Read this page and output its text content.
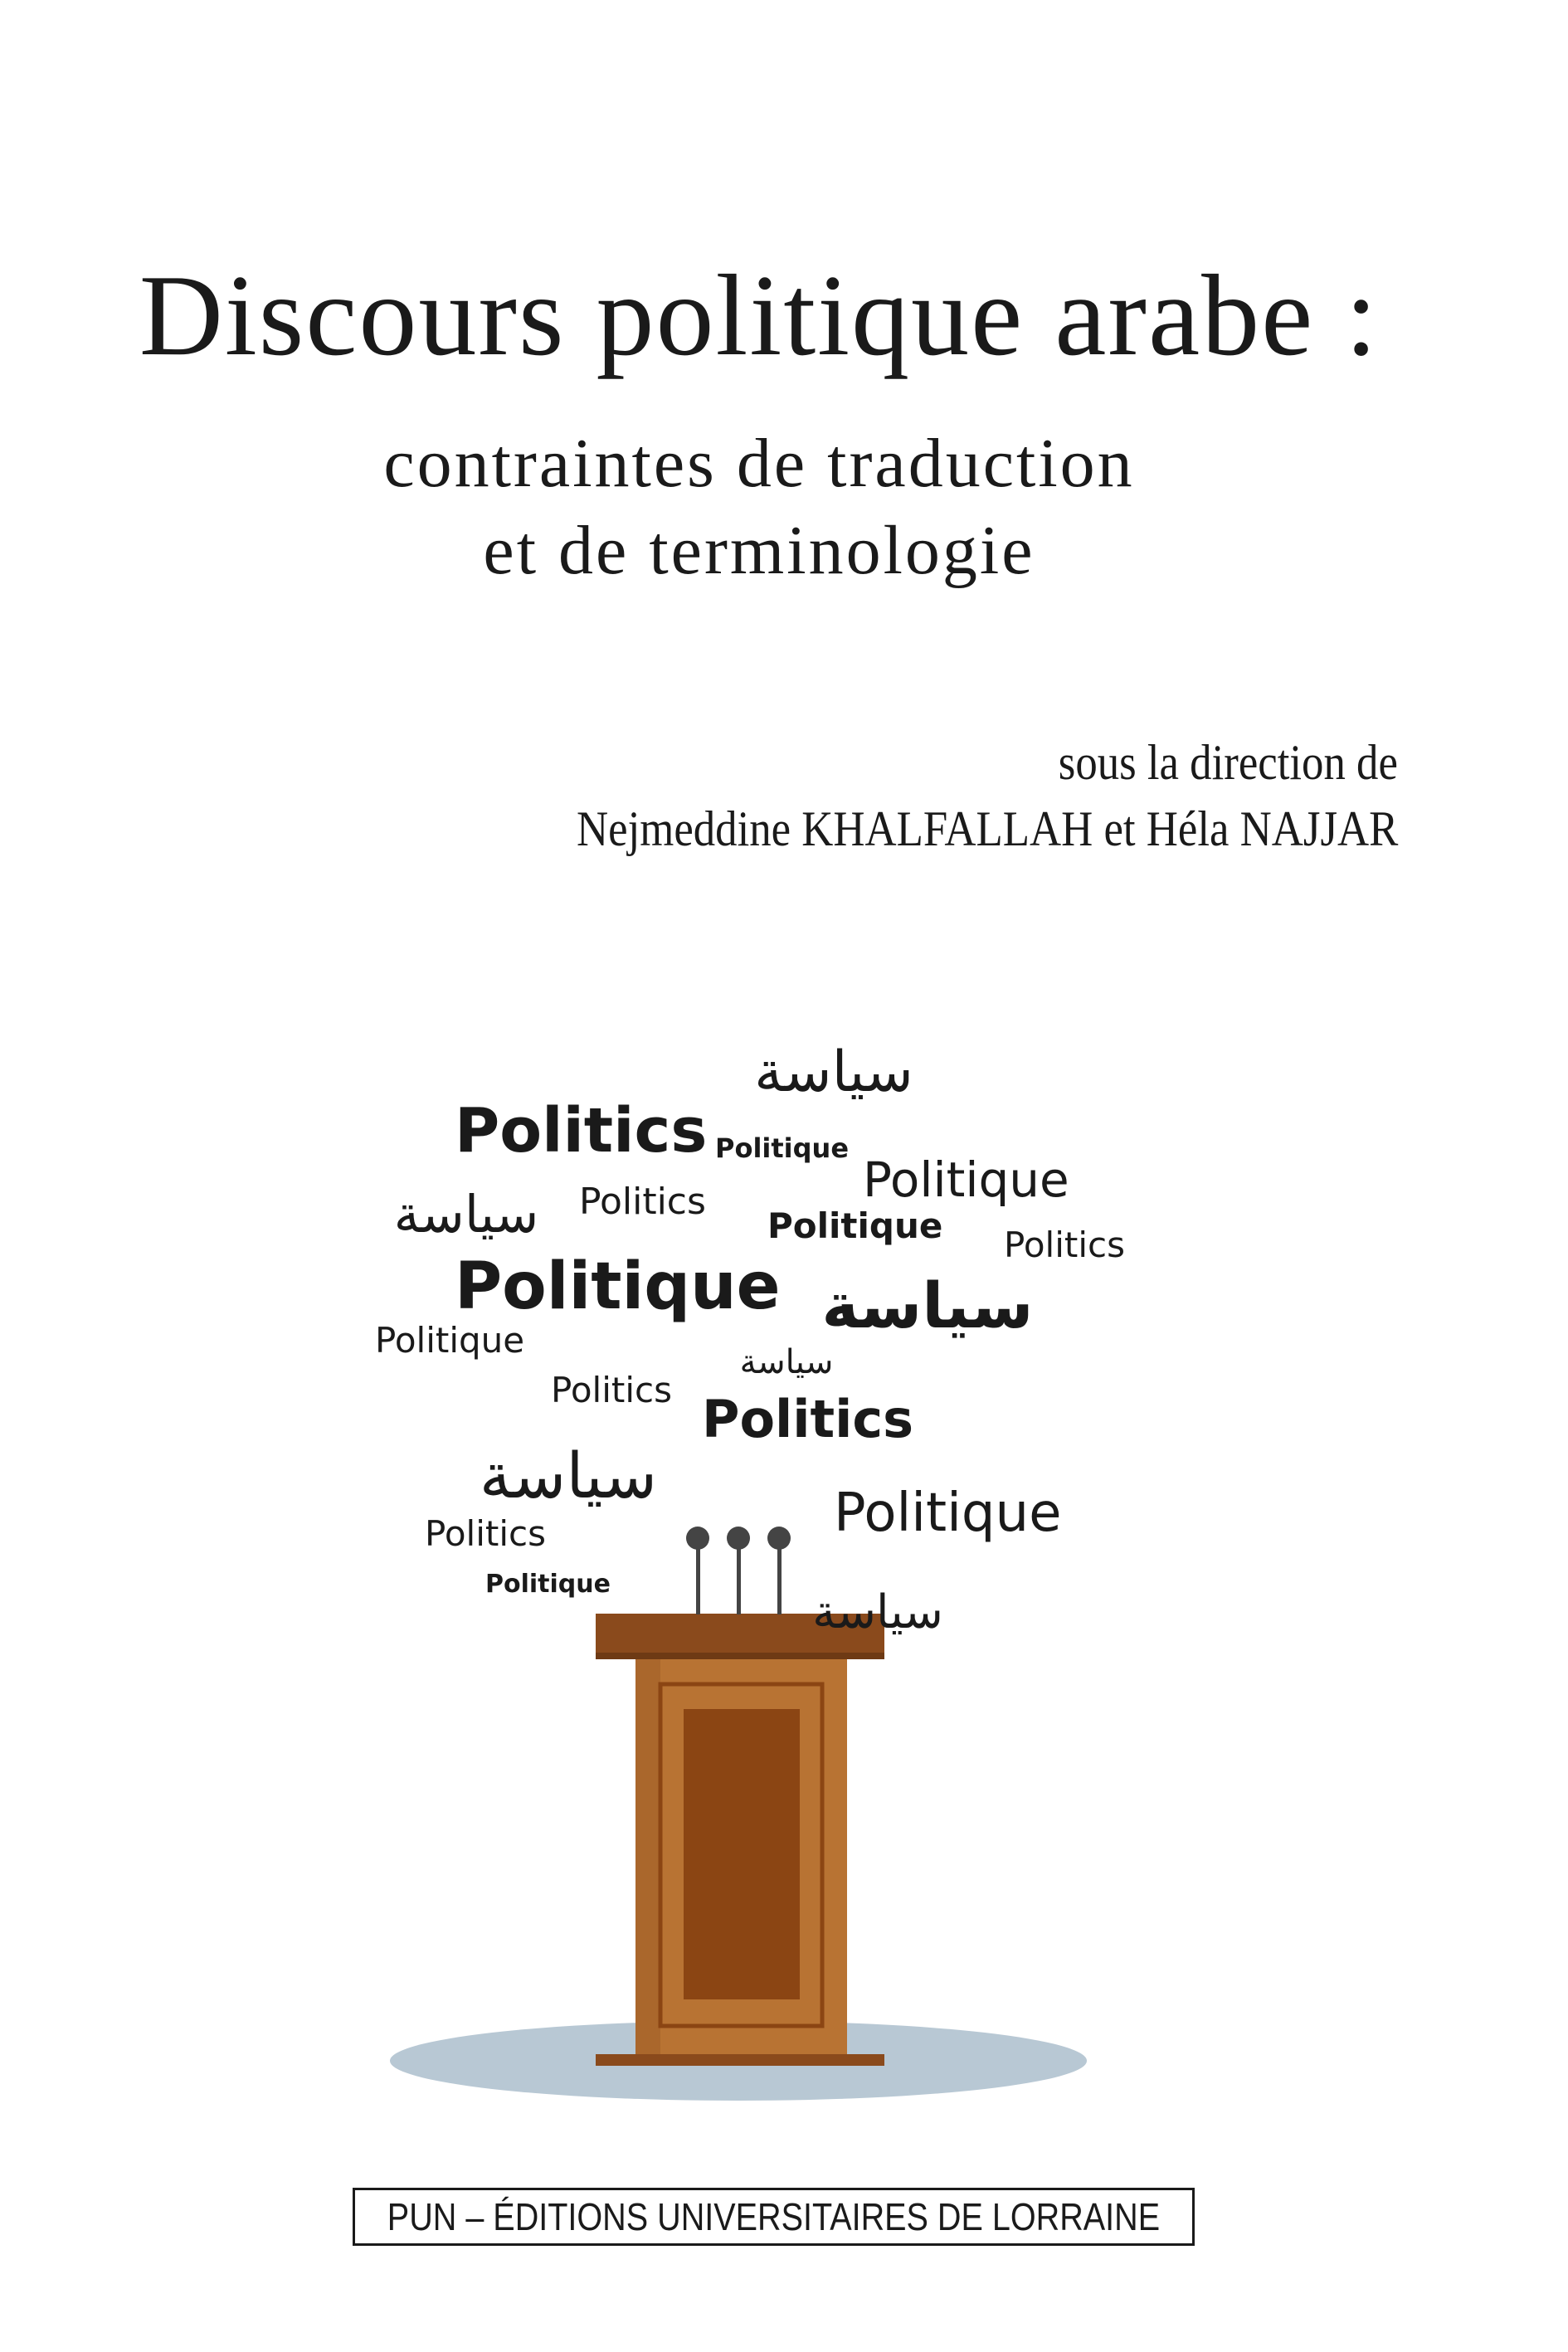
Discours politique arabe :

contraintes de traduction

et de terminologie

sous la direction de

Nejmeddine KHALFALLAH et Héla NAJJAR

سياسة
Politics Politique
Politique
سياسة Politics
Politique Politics
Politique سياسة
Politique
سياسة
Politics Politics
سياسة
Politics	Politique
Politique
سياسة
PUN – ÉDITIONS UNIVERSITAIRES DE LORRAINE
